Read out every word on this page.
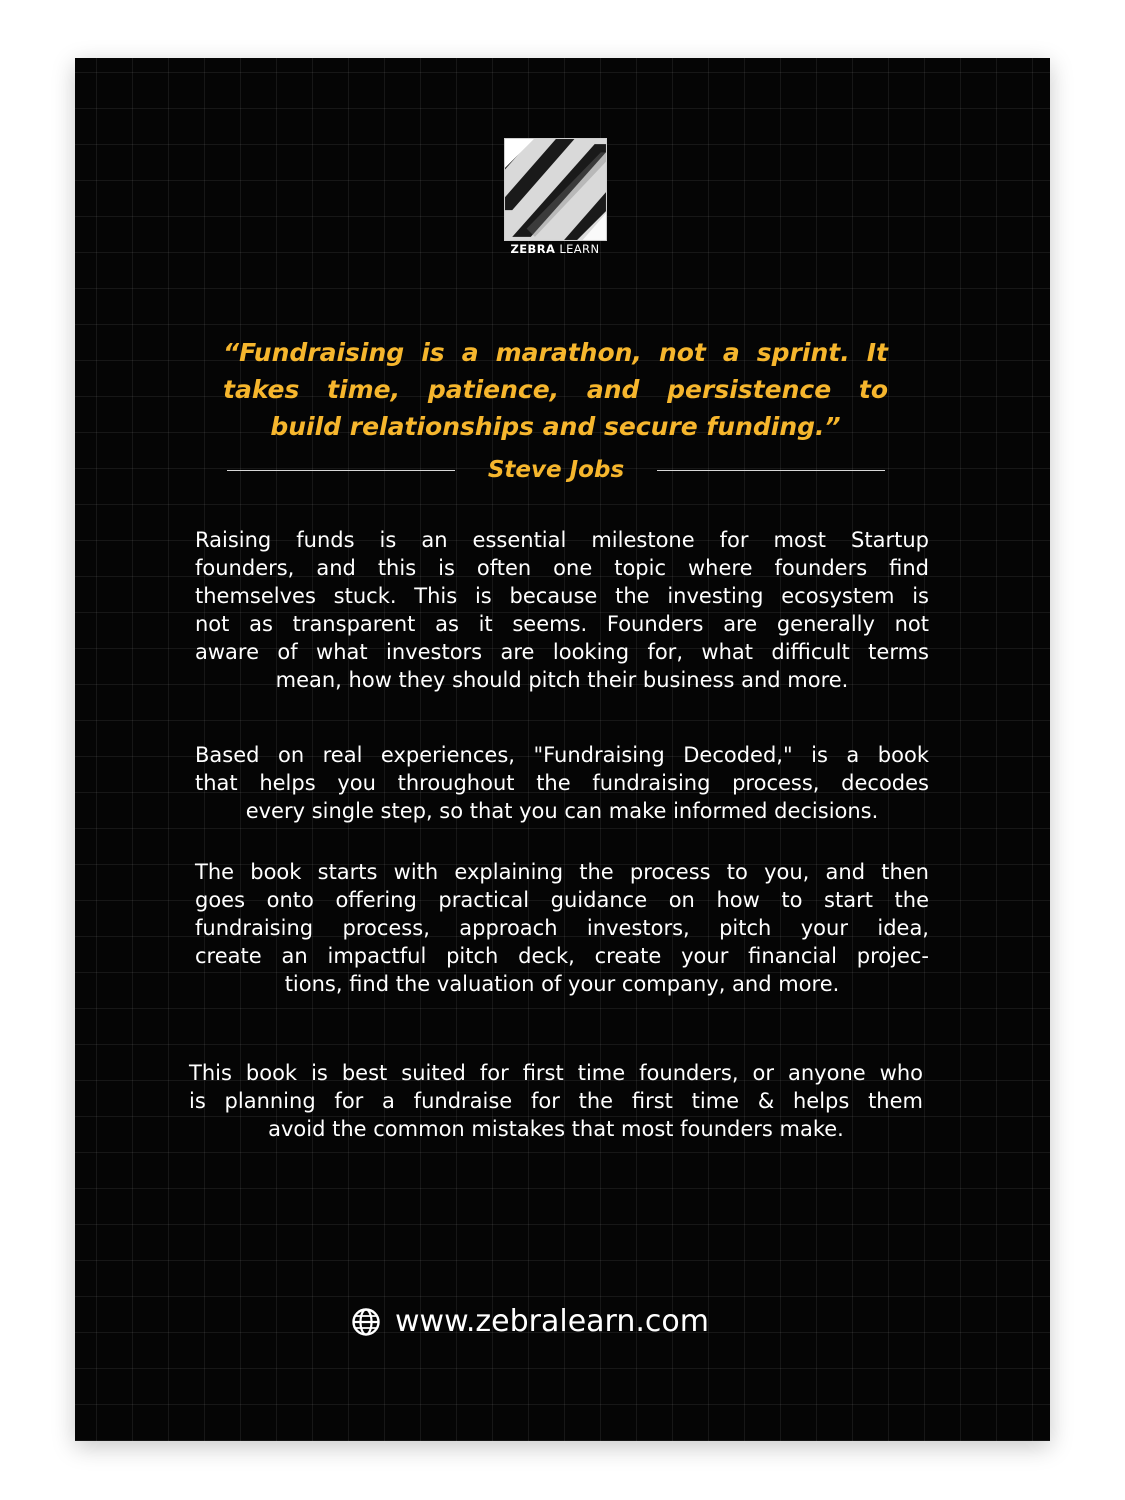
ZEBRA LEARN

“Fundraising is a marathon, not a sprint. It
takes time, patience, and persistence to
build relationships and secure funding.”

Steve Jobs

Raising funds is an essential milestone for most Startup
founders, and this is often one topic where founders find
themselves stuck. This is because the investing ecosystem is
not as transparent as it seems. Founders are generally not
aware of what investors are looking for, what difficult terms
mean, how they should pitch their business and more.

Based on real experiences, "Fundraising Decoded," is a book
that helps you throughout the fundraising process, decodes
every single step, so that you can make informed decisions.

The book starts with explaining the process to you, and then
goes onto offering practical guidance on how to start the
fundraising process, approach investors, pitch your idea,
create an impactful pitch deck, create your financial projec-
tions, find the valuation of your company, and more.

This book is best suited for first time founders, or anyone who
is planning for a fundraise for the first time & helps them
avoid the common mistakes that most founders make.

www.zebralearn.com
